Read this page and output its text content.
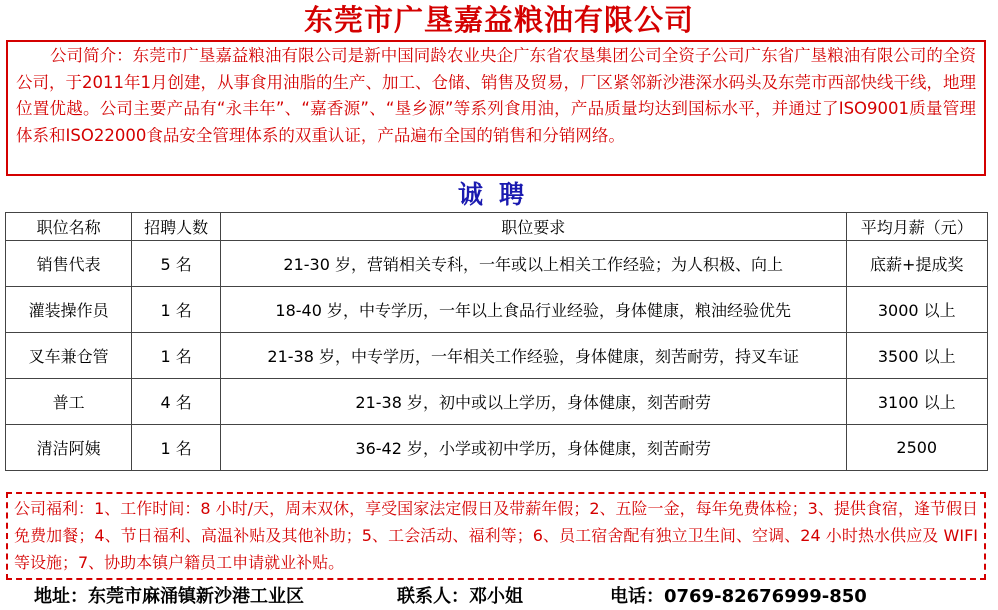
东莞市广垦嘉益粮油有限公司
公司简介：东莞市广垦嘉益粮油有限公司是新中国同龄农业央企广东省农垦集团公司全资子公司广东省广垦粮油有限公司的全资公司，于2011年1月创建，从事食用油脂的生产、加工、仓储、销售及贸易，厂区紧邻新沙港深水码头及东莞市西部快线干线，地理位置优越。公司主要产品有“永丰年”、“嘉香源”、“垦乡源”等系列食用油，产品质量均达到国标水平，并通过了ISO9001质量管理体系和ISO22000食品安全管理体系的双重认证，产品遍布全国的销售和分销网络。
诚聘
职位名称	招聘人数	职位要求	平均月薪（元）
销售代表	5 名	21-30 岁，营销相关专科，一年或以上相关工作经验；为人积极、向上	底薪+提成奖
灌装操作员	1 名	18-40 岁，中专学历，一年以上食品行业经验，身体健康，粮油经验优先	3000 以上
叉车兼仓管	1 名	21-38 岁，中专学历，一年相关工作经验，身体健康，刻苦耐劳，持叉车证	3500 以上
普工	4 名	21-38 岁，初中或以上学历，身体健康，刻苦耐劳	3100 以上
清洁阿姨	1 名	36-42 岁，小学或初中学历，身体健康，刻苦耐劳	2500
公司福利：1、工作时间：8 小时/天，周末双休，享受国家法定假日及带薪年假；2、五险一金，每年免费体检；3、提供食宿，逢节假日免费加餐；4、节日福利、高温补贴及其他补助；5、工会活动、福利等；6、员工宿舍配有独立卫生间、空调、24 小时热水供应及 WIFI 等设施；7、协助本镇户籍员工申请就业补贴。
地址：东莞市麻涌镇新沙港工业区	联系人：邓小姐	电话：0769-82676999-850
